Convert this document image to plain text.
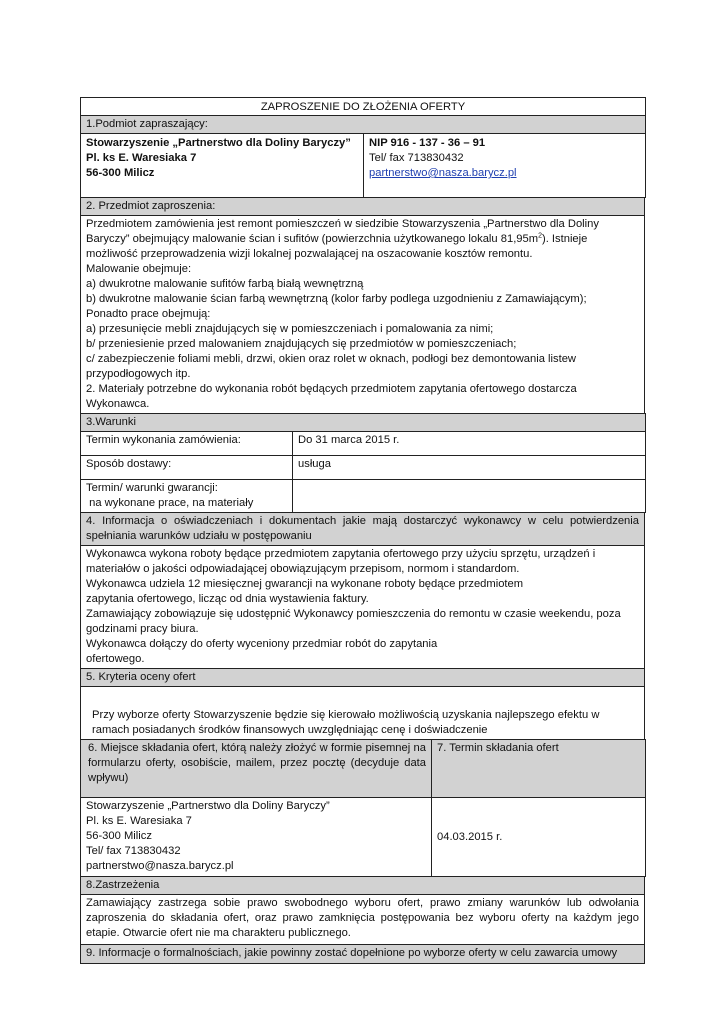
ZAPROSZENIE DO ZŁOŻENIA OFERTY
1.Podmiot zapraszający:

Stowarzyszenie „Partnerstwo dla Doliny Baryczy”
Pl. ks E. Waresiaka 7
56-300 Milicz

NIP 916 - 137 - 36 – 91
Tel/ fax 713830432
partnerstwo@nasza.barycz.pl
2. Przedmiot zaproszenia:

Przedmiotem zamówienia jest remont pomieszczeń w siedzibie Stowarzyszenia „Partnerstwo dla Doliny Baryczy” obejmujący malowanie ścian i sufitów (powierzchnia użytkowanego lokalu $81,95m^2$). Istnieje możliwość przeprowadzenia wizji lokalnej pozwalającej na oszacowanie kosztów remontu.
Malowanie obejmuje:
a) dwukrotne malowanie sufitów farbą białą wewnętrzną
b) dwukrotne malowanie ścian farbą wewnętrzną (kolor farby podlega uzgodnieniu z Zamawiającym);
Ponadto prace obejmują:
a) przesunięcie mebli znajdujących się w pomieszczeniach i pomalowania za nimi;
b/ przeniesienie przed malowaniem znajdujących się przedmiotów w pomieszczeniach;
c/ zabezpieczenie foliami mebli, drzwi, okien oraz rolet w oknach, podłogi bez demontowania listew przypodłogowych itp.
2. Materiały potrzebne do wykonania robót będących przedmiotem zapytania ofertowego dostarcza Wykonawca.
3.Warunki	
Termin wykonania zamówienia:	Do 31 marca 2015 r.
Sposób dostawy:	usługa

Termin/ warunki gwarancji:
na wykonane prace, na materiały	

4. Informacja o oświadczeniach i dokumentach jakie mają dostarczyć wykonawcy w celu potwierdzenia spełniania warunków udziału w postępowaniu

Wykonawca wykona roboty będące przedmiotem zapytania ofertowego przy użyciu sprzętu, urządzeń i materiałów o jakości odpowiadającej obowiązującym przepisom, normom i standardom.
Wykonawca udziela 12 miesięcznej gwarancji na wykonane roboty będące przedmiotem
zapytania ofertowego, licząc od dnia wystawienia faktury.
Zamawiający zobowiązuje się udostępnić Wykonawcy pomieszczenia do remontu w czasie weekendu, poza godzinami pracy biura.
Wykonawca dołączy do oferty wyceniony przedmiar robót do zapytania
ofertowego.
5. Kryteria oceny ofert
Przy wyborze oferty Stowarzyszenie będzie się kierowało możliwością uzyskania najlepszego efektu w ramach posiadanych środków finansowych uwzględniając cenę i doświadczenie
6. Miejsce składania ofert, którą należy złożyć w formie pisemnej na formularzu oferty, osobiście, mailem, przez pocztę (decyduje data wpływu)	7. Termin składania ofert

Stowarzyszenie „Partnerstwo dla Doliny Baryczy”
Pl. ks E. Waresiaka 7
56-300 Milicz
Tel/ fax 713830432
partnerstwo@nasza.barycz.pl	04.03.2015 r.
8.Zastrzeżenia
Zamawiający zastrzega sobie prawo swobodnego wyboru ofert, prawo zmiany warunków lub odwołania zaproszenia do składania ofert, oraz prawo zamknięcia postępowania bez wyboru oferty na każdym jego etapie. Otwarcie ofert nie ma charakteru publicznego.
9. Informacje o formalnościach, jakie powinny zostać dopełnione po wyborze oferty w celu zawarcia umowy
